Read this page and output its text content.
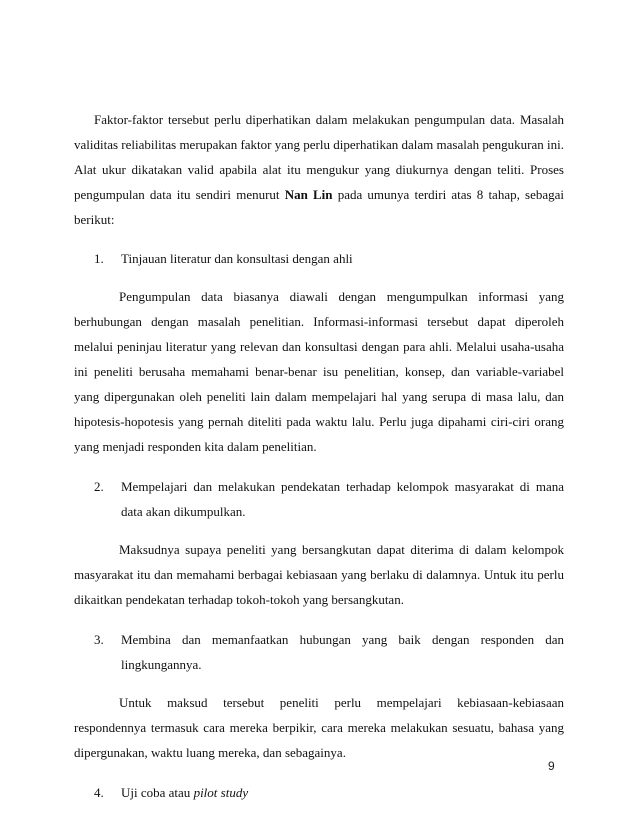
Faktor-faktor tersebut perlu diperhatikan dalam melakukan pengumpulan data. Masalah validitas reliabilitas merupakan faktor yang perlu diperhatikan dalam masalah pengukuran ini. Alat ukur dikatakan valid apabila alat itu mengukur yang diukurnya dengan teliti. Proses pengumpulan data itu sendiri menurut Nan Lin pada umunya terdiri atas 8 tahap, sebagai berikut:

1.	Tinjauan literatur dan konsultasi dengan ahli

Pengumpulan data biasanya diawali dengan mengumpulkan informasi yang berhubungan dengan masalah penelitian. Informasi-informasi tersebut dapat diperoleh melalui peninjau literatur yang relevan dan konsultasi dengan para ahli. Melalui usaha-usaha ini peneliti berusaha memahami benar-benar isu penelitian, konsep, dan variable-variabel yang dipergunakan oleh peneliti lain dalam mempelajari hal yang serupa di masa lalu, dan hipotesis-hopotesis yang pernah diteliti pada waktu lalu. Perlu juga dipahami ciri-ciri orang yang menjadi responden kita dalam penelitian.

2.	Mempelajari dan melakukan pendekatan terhadap kelompok masyarakat di mana data akan dikumpulkan.

Maksudnya supaya peneliti yang bersangkutan dapat diterima di dalam kelompok masyarakat itu dan memahami berbagai kebiasaan yang berlaku di dalamnya. Untuk itu perlu dikaitkan pendekatan terhadap tokoh-tokoh yang bersangkutan.

3.	Membina dan memanfaatkan hubungan yang baik dengan responden dan lingkungannya.

Untuk maksud tersebut peneliti perlu mempelajari kebiasaan-kebiasaan respondennya termasuk cara mereka berpikir, cara mereka melakukan sesuatu, bahasa yang dipergunakan, waktu luang mereka, dan sebagainya.

4.	Uji coba atau pilot study
9
